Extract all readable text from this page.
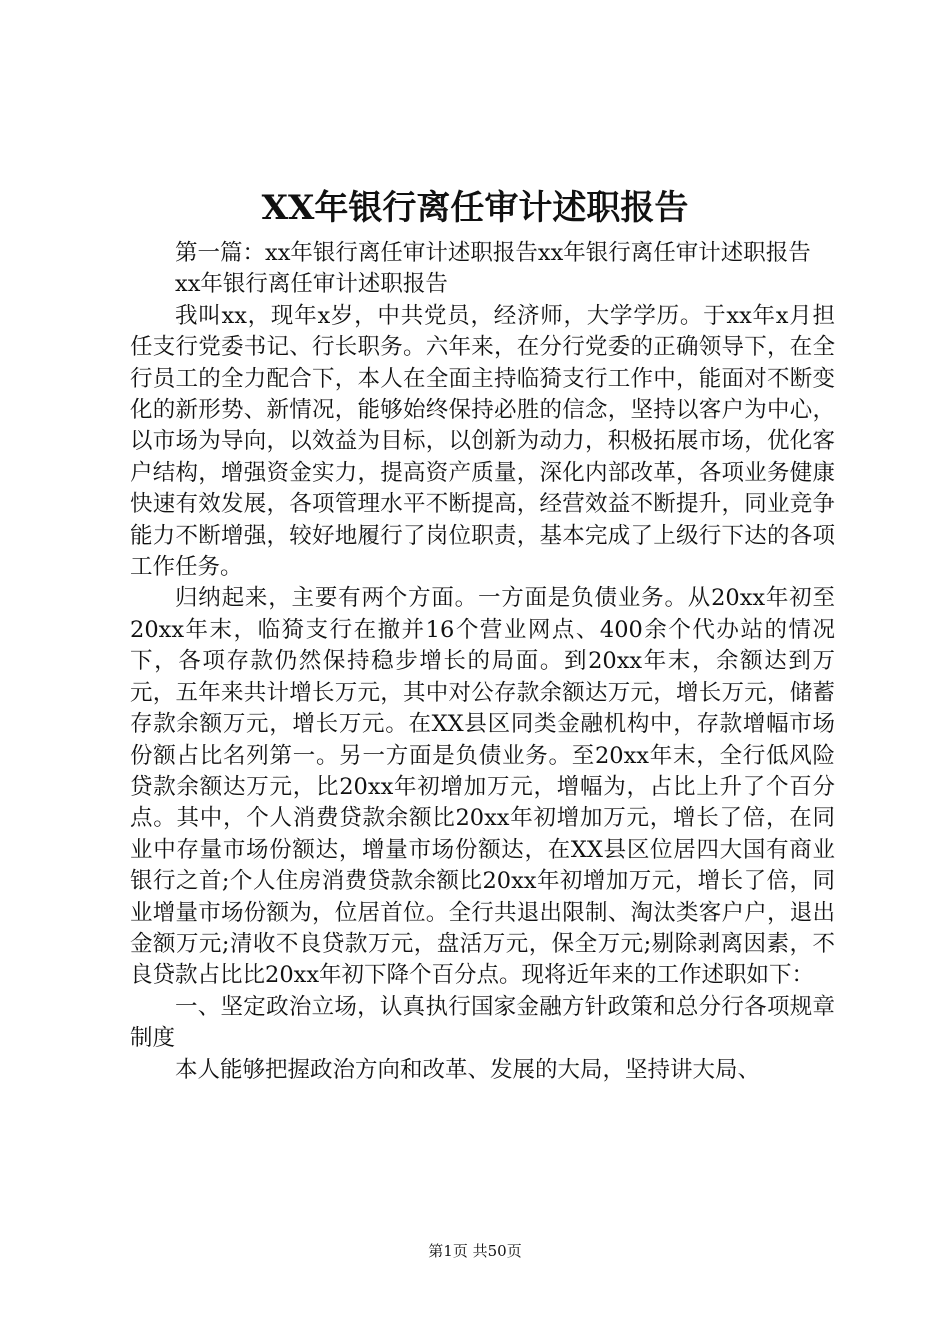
XX年银行离任审计述职报告

第一篇：xx年银行离任审计述职报告xx年银行离任审计述职报告

xx年银行离任审计述职报告

我叫xx，现年x岁，中共党员，经济师，大学学历。于xx年x月担任支行党委书记、行长职务。六年来，在分行党委的正确领导下，在全行员工的全力配合下，本人在全面主持临猗支行工作中，能面对不断变化的新形势、新情况，能够始终保持必胜的信念，坚持以客户为中心，以市场为导向，以效益为目标，以创新为动力，积极拓展市场，优化客户结构，增强资金实力，提高资产质量，深化内部改革，各项业务健康快速有效发展，各项管理水平不断提高，经营效益不断提升，同业竞争能力不断增强，较好地履行了岗位职责，基本完成了上级行下达的各项工作任务。

归纳起来，主要有两个方面。一方面是负债业务。从20xx年初至20xx年末，临猗支行在撤并16个营业网点、400余个代办站的情况下，各项存款仍然保持稳步增长的局面。到20xx年末，余额达到万元，五年来共计增长万元，其中对公存款余额达万元，增长万元，储蓄存款余额万元，增长万元。在XX县区同类金融机构中，存款增幅市场份额占比名列第一。另一方面是负债业务。至20xx年末，全行低风险贷款余额达万元，比20xx年初增加万元，增幅为，占比上升了个百分点。其中，个人消费贷款余额比20xx年初增加万元，增长了倍，在同业中存量市场份额达，增量市场份额达，在XX县区位居四大国有商业银行之首;个人住房消费贷款余额比20xx年初增加万元，增长了倍，同业增量市场份额为，位居首位。全行共退出限制、淘汰类客户户，退出金额万元;清收不良贷款万元，盘活万元，保全万元;剔除剥离因素，不良贷款占比比20xx年初下降个百分点。现将近年来的工作述职如下：

一、坚定政治立场，认真执行国家金融方针政策和总分行各项规章制度

本人能够把握政治方向和改革、发展的大局，坚持讲大局、

第1页 共50页
